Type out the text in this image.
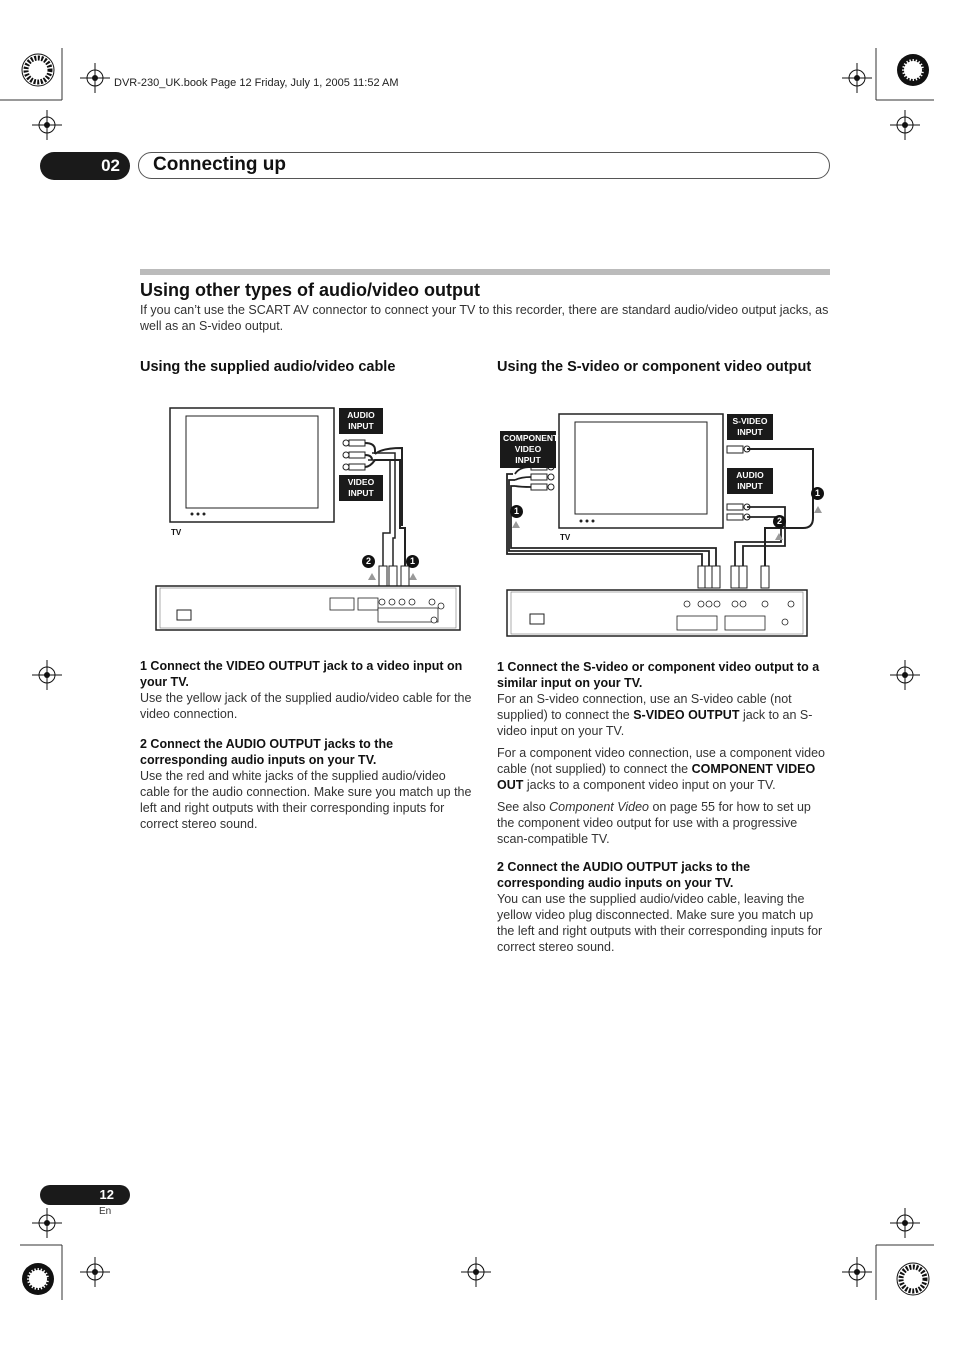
DVR-230_UK.book Page 12 Friday, July 1, 2005 11:52 AM
02	Connecting up
Using other types of audio/video output
If you can’t use the SCART AV connector to connect your TV to this recorder, there are standard audio/video output jacks, as well as an S-video output.
Using the supplied audio/video cable
AUDIO
INPUT
VIDEO
INPUT
TV
2	1

1 Connect the VIDEO OUTPUT jack to a video input on your TV.

Use the yellow jack of the supplied audio/video cable for the video connection.

2 Connect the AUDIO OUTPUT jacks to the corresponding audio inputs on your TV.

Use the red and white jacks of the supplied audio/video cable for the audio connection. Make sure you match up the left and right outputs with their corresponding inputs for correct stereo sound.

Using the S-video or component video output
S-VIDEO
INPUT
COMPONENT
VIDEO INPUT
AUDIO
INPUT
TV
1
1
2

1 Connect the S-video or component video output to a similar input on your TV.

For an S-video connection, use an S-video cable (not supplied) to connect the S-VIDEO OUTPUT jack to an S-video input on your TV.

For a component video connection, use a component video cable (not supplied) to connect the COMPONENT VIDEO OUT jacks to a component video input on your TV.

See also Component Video on page 55 for how to set up the component video output for use with a progressive scan-compatible TV.

2 Connect the AUDIO OUTPUT jacks to the corresponding audio inputs on your TV.

You can use the supplied audio/video cable, leaving the yellow video plug disconnected. Make sure you match up the left and right outputs with their corresponding inputs for correct stereo sound.

12
En
